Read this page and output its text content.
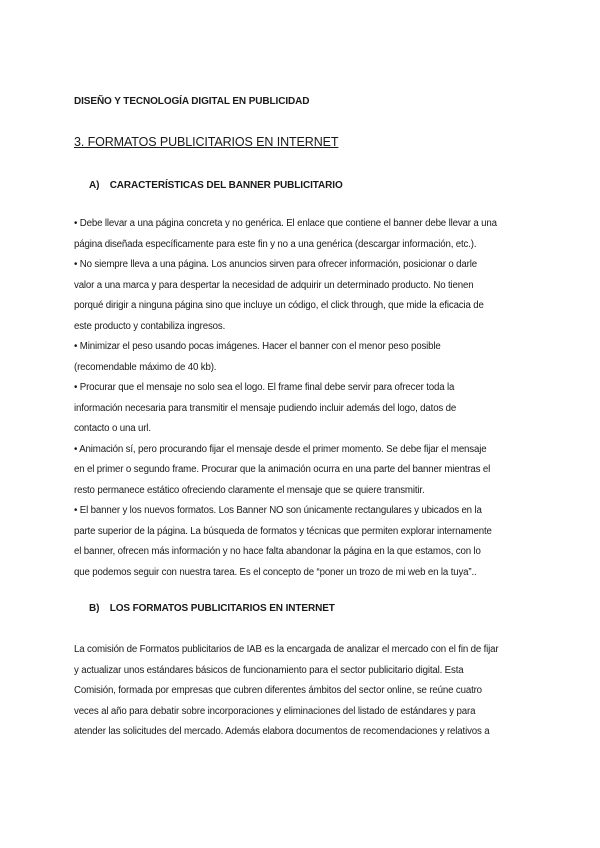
DISEÑO Y TECNOLOGÍA DIGITAL EN PUBLICIDAD
3. FORMATOS PUBLICITARIOS EN INTERNET
A) CARACTERÍSTICAS DEL BANNER PUBLICITARIO

• Debe llevar a una página concreta y no genérica. El enlace que contiene el banner debe llevar a una

página diseñada específicamente para este fin y no a una genérica (descargar información, etc.).

• No siempre lleva a una página. Los anuncios sirven para ofrecer información, posicionar o darle

valor a una marca y para despertar la necesidad de adquirir un determinado producto. No tienen

porqué dirigir a ninguna página sino que incluye un código, el click through, que mide la eficacia de

este producto y contabiliza ingresos.

• Minimizar el peso usando pocas imágenes. Hacer el banner con el menor peso posible

(recomendable máximo de 40 kb).

• Procurar que el mensaje no solo sea el logo. El frame final debe servir para ofrecer toda la

información necesaria para transmitir el mensaje pudiendo incluir además del logo, datos de

contacto o una url.

• Animación sí, pero procurando fijar el mensaje desde el primer momento. Se debe fijar el mensaje

en el primer o segundo frame. Procurar que la animación ocurra en una parte del banner mientras el

resto permanece estático ofreciendo claramente el mensaje que se quiere transmitir.

• El banner y los nuevos formatos. Los Banner NO son únicamente rectangulares y ubicados en la

parte superior de la página. La búsqueda de formatos y técnicas que permiten explorar internamente

el banner, ofrecen más información y no hace falta abandonar la página en la que estamos, con lo

que podemos seguir con nuestra tarea. Es el concepto de “poner un trozo de mi web en la tuya”..

B) LOS FORMATOS PUBLICITARIOS EN INTERNET

La comisión de Formatos publicitarios de IAB es la encargada de analizar el mercado con el fin de fijar

y actualizar unos estándares básicos de funcionamiento para el sector publicitario digital. Esta

Comisión, formada por empresas que cubren diferentes ámbitos del sector online, se reúne cuatro

veces al año para debatir sobre incorporaciones y eliminaciones del listado de estándares y para

atender las solicitudes del mercado. Además elabora documentos de recomendaciones y relativos a
